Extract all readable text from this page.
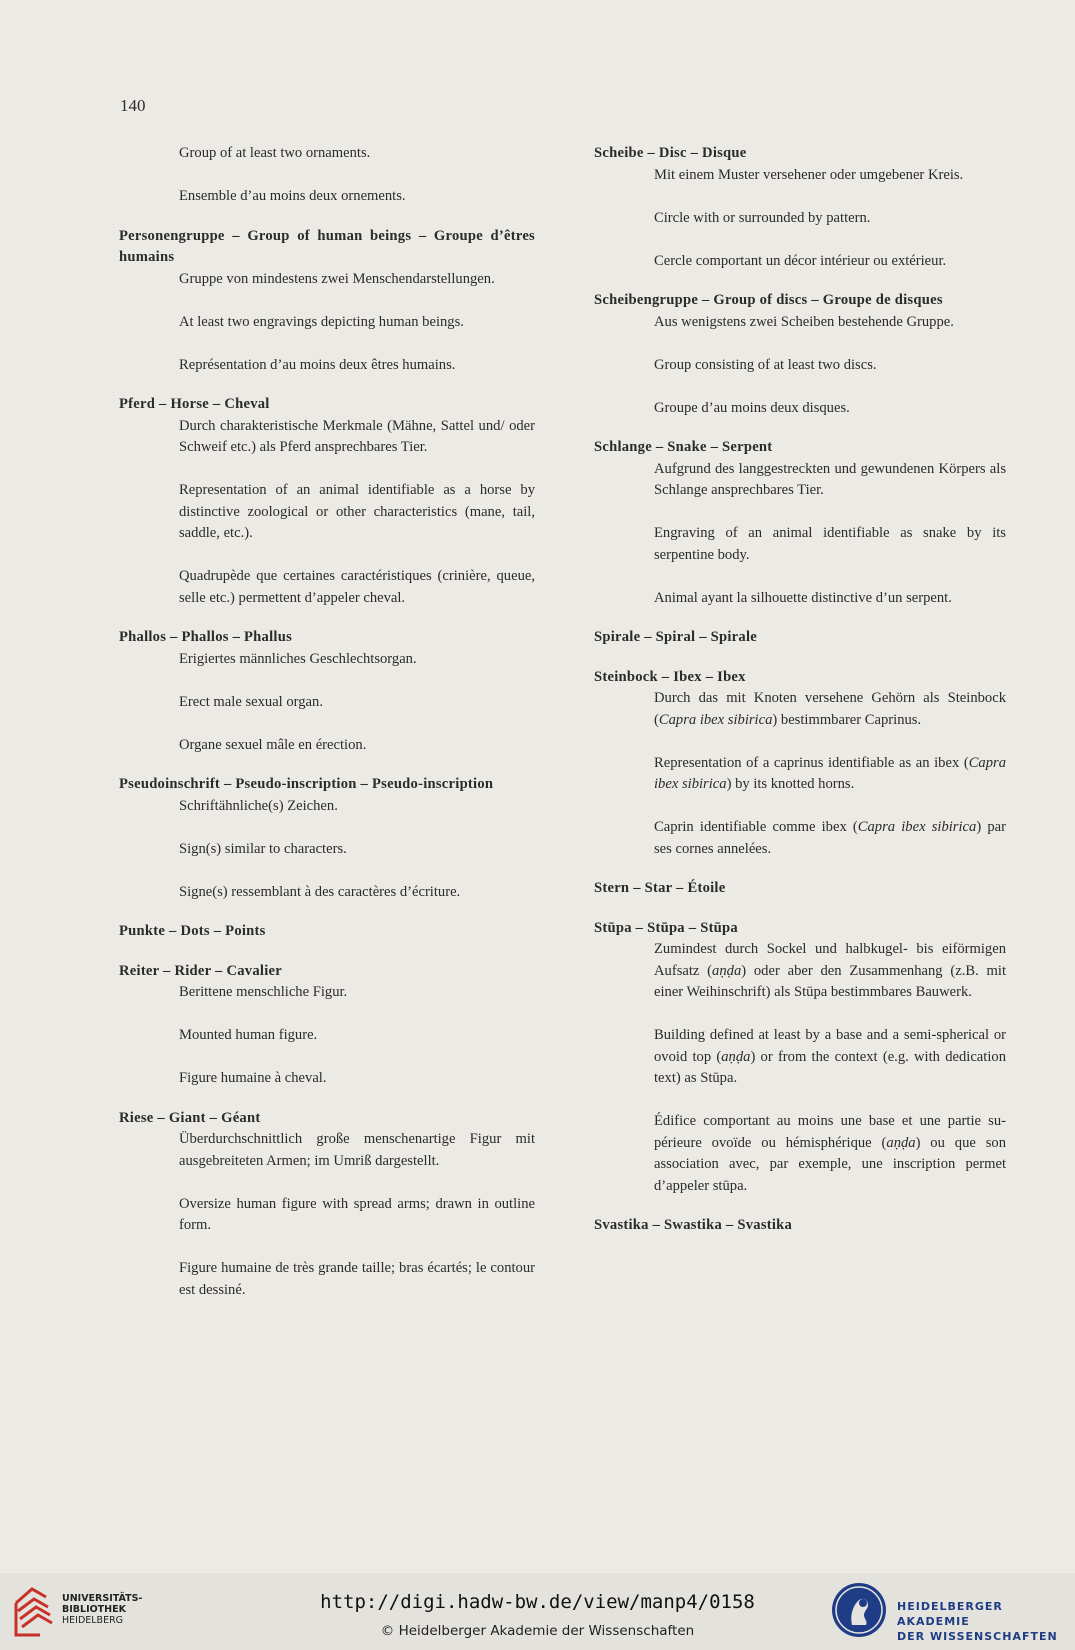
140
Group of at least two ornaments.
Ensemble d’au moins deux ornements.
Personengruppe – Group of human beings – Groupe d’êtres humains
Gruppe von mindestens zwei Menschendarstellungen.
At least two engravings depicting human beings.
Représentation d’au moins deux êtres humains.
Pferd – Horse – Cheval
Durch charakteristische Merkmale (Mähne, Sattel und/ oder Schweif etc.) als Pferd ansprechbares Tier.
Representation of an animal identifiable as a horse by distinctive zoological or other characteristics (mane, tail, saddle, etc.).
Quadrupède que certaines caractéristiques (crinière, queue, selle etc.) permettent d’appeler cheval.
Phallos – Phallos – Phallus
Erigiertes männliches Geschlechtsorgan.
Erect male sexual organ.
Organe sexuel mâle en érection.
Pseudoinschrift – Pseudo-inscription – Pseudo-inscription
Schriftähnliche(s) Zeichen.
Sign(s) similar to characters.
Signe(s) ressemblant à des caractères d’écriture.
Punkte – Dots – Points
Reiter – Rider – Cavalier
Berittene menschliche Figur.
Mounted human figure.
Figure humaine à cheval.
Riese – Giant – Géant
Überdurchschnittlich große menschenartige Figur mit ausgebreiteten Armen; im Umriß dargestellt.
Oversize human figure with spread arms; drawn in outline form.
Figure humaine de très grande taille; bras écartés; le contour est dessiné.
Scheibe – Disc – Disque
Mit einem Muster versehener oder umgebener Kreis.
Circle with or surrounded by pattern.
Cercle comportant un décor intérieur ou extérieur.
Scheibengruppe – Group of discs – Groupe de disques
Aus wenigstens zwei Scheiben bestehende Gruppe.
Group consisting of at least two discs.
Groupe d’au moins deux disques.
Schlange – Snake – Serpent
Aufgrund des langgestreckten und gewundenen Körpers als Schlange ansprechbares Tier.
Engraving of an animal identifiable as snake by its serpentine body.
Animal ayant la silhouette distinctive d’un serpent.
Spirale – Spiral – Spirale
Steinbock – Ibex – Ibex
Durch das mit Knoten versehene Gehörn als Steinbock (Capra ibex sibirica) bestimmbarer Caprinus.
Representation of a caprinus identifiable as an ibex (Capra ibex sibirica) by its knotted horns.
Caprin identifiable comme ibex (Capra ibex sibirica) par ses cornes annelées.
Stern – Star – Étoile
Stūpa – Stūpa – Stūpa
Zumindest durch Sockel und halbkugel- bis eiförmigen Aufsatz (aṇḍa) oder aber den Zusammenhang (z.B. mit einer Weihinschrift) als Stūpa bestimmbares Bauwerk.
Building defined at least by a base and a semi-spherical or ovoid top (aṇḍa) or from the context (e.g. with dedication text) as Stūpa.
Édifice comportant au moins une base et une partie supérieure ovoïde ou hémisphérique (aṇḍa) ou que son association avec, par exemple, une inscription permet d’appeler stūpa.
Svastika – Swastika – Svastika
UNIVERSITÄTS-
BIBLIOTHEK
HEIDELBERG
http://digi.hadw-bw.de/view/manp4/0158
© Heidelberger Akademie der Wissenschaften
HEIDELBERGER AKADEMIE
DER WISSENSCHAFTEN
